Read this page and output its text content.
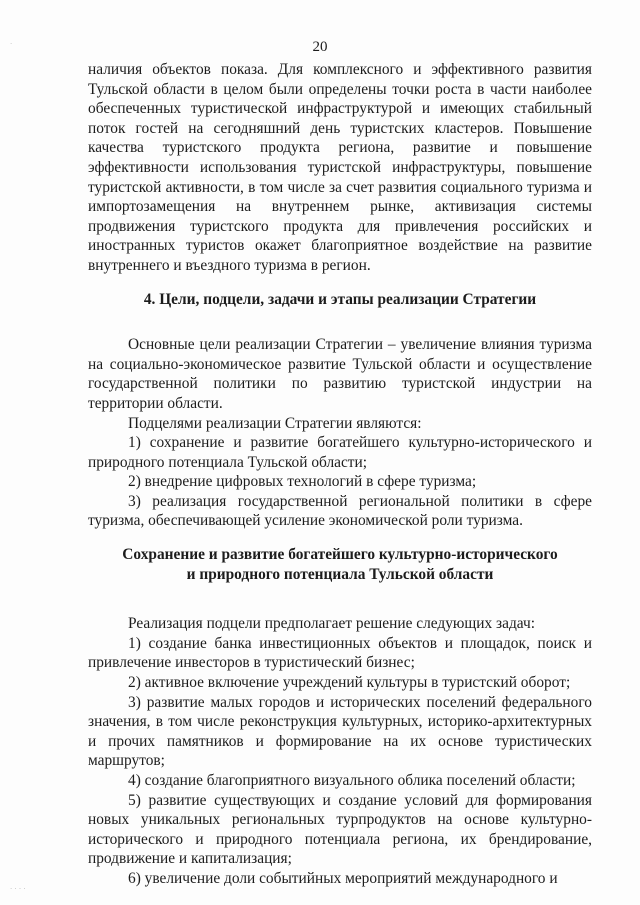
·
· · · ·
20

наличия объектов показа. Для комплексного и эффективного развития Тульской области в целом были определены точки роста в части наиболее обеспеченных туристической инфраструктурой и имеющих стабильный поток гостей на сегодняшний день туристских кластеров. Повышение качества туристского продукта региона, развитие и повышение эффективности использования туристской инфраструктуры, повышение туристской активности, в том числе за счет развития социального туризма и импортозамещения на внутреннем рынке, активизация системы продвижения туристского продукта для привлечения российских и иностранных туристов окажет благоприятное воздействие на развитие внутреннего и въездного туризма в регион.

4. Цели, подцели, задачи и этапы реализации Стратегии

Основные цели реализации Стратегии – увеличение влияния туризма на социально-экономическое развитие Тульской области и осуществление государственной политики по развитию туристской индустрии на территории области.

Подцелями реализации Стратегии являются:

1) сохранение и развитие богатейшего культурно-исторического и природного потенциала Тульской области;

2) внедрение цифровых технологий в сфере туризма;

3) реализация государственной региональной политики в сфере туризма, обеспечивающей усиление экономической роли туризма.

Сохранение и развитие богатейшего культурно-исторического

и природного потенциала Тульской области

Реализация подцели предполагает решение следующих задач:

1) создание банка инвестиционных объектов и площадок, поиск и привлечение инвесторов в туристический бизнес;

2) активное включение учреждений культуры в туристский оборот;

3) развитие малых городов и исторических поселений федерального значения, в том числе реконструкция культурных, историко-архитектурных и прочих памятников и формирование на их основе туристических маршрутов;

4) создание благоприятного визуального облика поселений области;

5) развитие существующих и создание условий для формирования новых уникальных региональных турпродуктов на основе культурно-исторического и природного потенциала региона, их брендирование, продвижение и капитализация;

6) увеличение доли событийных мероприятий международного и
